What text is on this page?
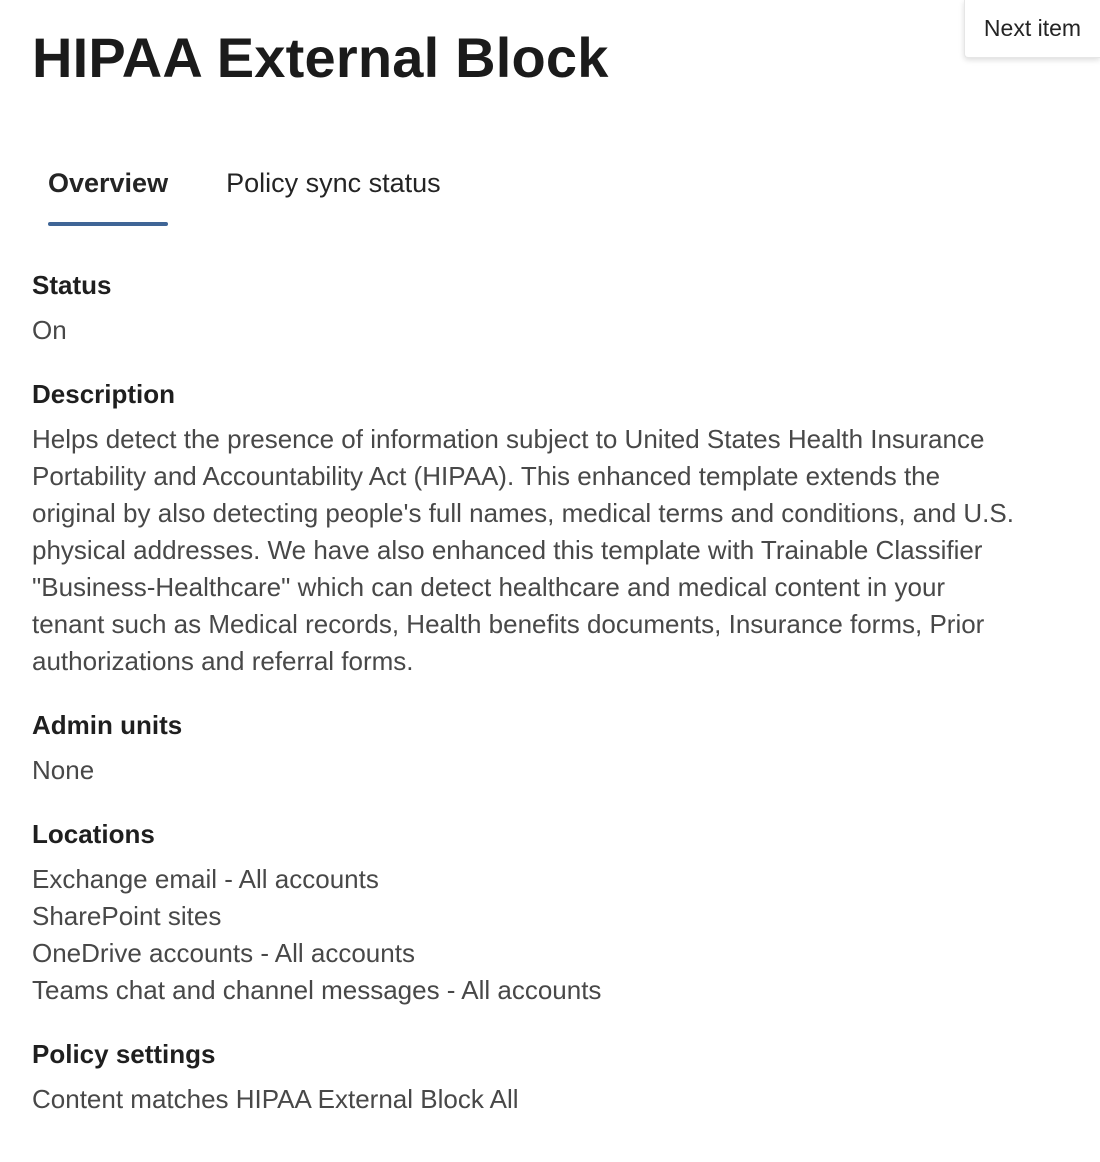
Next item
HIPAA External Block
Overview	Policy sync status
Status
On
Description
Helps detect the presence of information subject to United States Health Insurance Portability and Accountability Act (HIPAA). This enhanced template extends the original by also detecting people's full names, medical terms and conditions, and U.S. physical addresses. We have also enhanced this template with Trainable Classifier "Business-Healthcare" which can detect healthcare and medical content in your tenant such as Medical records, Health benefits documents, Insurance forms, Prior authorizations and referral forms.
Admin units
None
Locations
Exchange email - All accounts
SharePoint sites
OneDrive accounts - All accounts
Teams chat and channel messages - All accounts
Policy settings
Content matches HIPAA External Block All
